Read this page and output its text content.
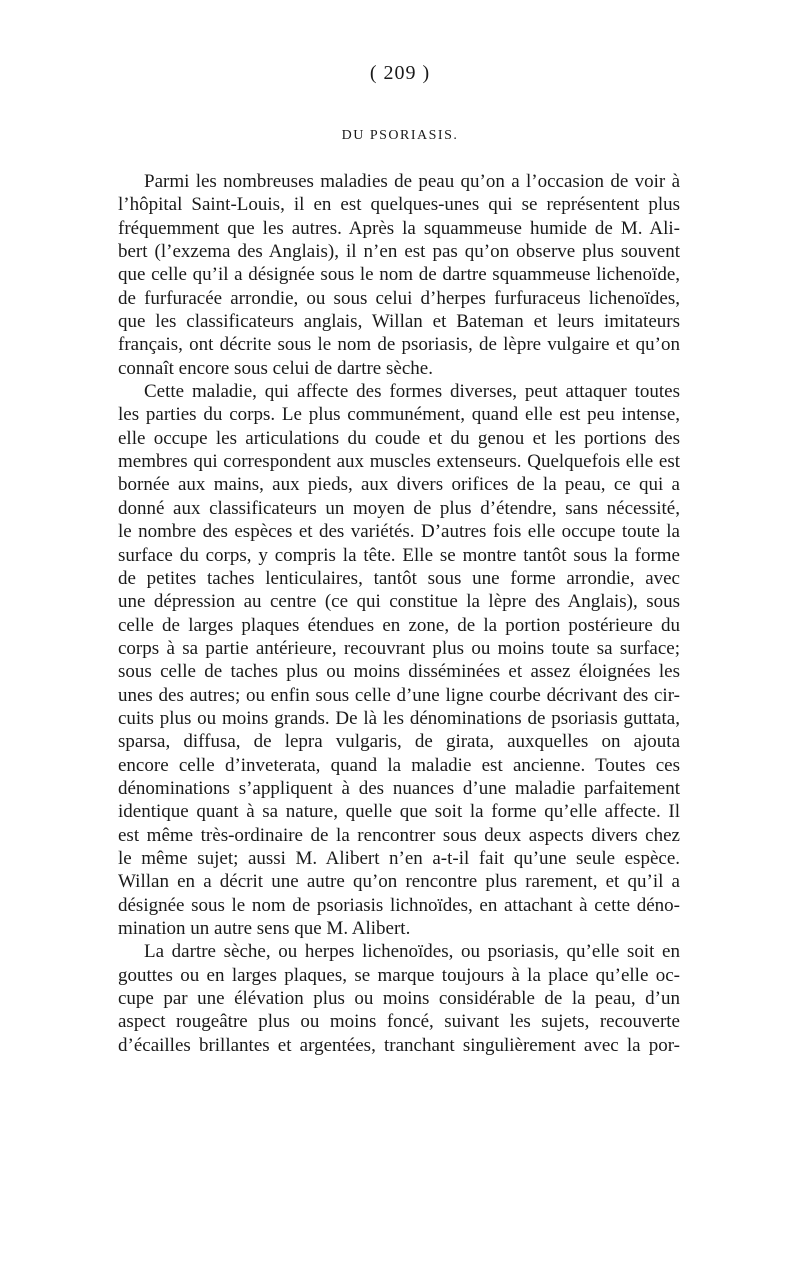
( 209 )
DU PSORIASIS.
Parmi les nombreuses maladies de peau qu’on a l’occasion de voir à
l’hôpital Saint-Louis, il en est quelques-unes qui se représentent plus
fréquemment que les autres. Après la squammeuse humide de M. Ali-
bert (l’exzema des Anglais), il n’en est pas qu’on observe plus souvent
que celle qu’il a désignée sous le nom de dartre squammeuse lichenoïde,
de furfuracée arrondie, ou sous celui d’herpes furfuraceus lichenoïdes,
que les classificateurs anglais, Willan et Bateman et leurs imitateurs
français, ont décrite sous le nom de psoriasis, de lèpre vulgaire et qu’on
connaît encore sous celui de dartre sèche.
Cette maladie, qui affecte des formes diverses, peut attaquer toutes
les parties du corps. Le plus communément, quand elle est peu intense,
elle occupe les articulations du coude et du genou et les portions des
membres qui correspondent aux muscles extenseurs. Quelquefois elle est
bornée aux mains, aux pieds, aux divers orifices de la peau, ce qui a
donné aux classificateurs un moyen de plus d’étendre, sans nécessité,
le nombre des espèces et des variétés. D’autres fois elle occupe toute la
surface du corps, y compris la tête. Elle se montre tantôt sous la forme
de petites taches lenticulaires, tantôt sous une forme arrondie, avec
une dépression au centre (ce qui constitue la lèpre des Anglais), sous
celle de larges plaques étendues en zone, de la portion postérieure du
corps à sa partie antérieure, recouvrant plus ou moins toute sa surface;
sous celle de taches plus ou moins disséminées et assez éloignées les
unes des autres; ou enfin sous celle d’une ligne courbe décrivant des cir-
cuits plus ou moins grands. De là les dénominations de psoriasis guttata,
sparsa, diffusa, de lepra vulgaris, de girata, auxquelles on ajouta
encore celle d’inveterata, quand la maladie est ancienne. Toutes ces
dénominations s’appliquent à des nuances d’une maladie parfaitement
identique quant à sa nature, quelle que soit la forme qu’elle affecte. Il
est même très-ordinaire de la rencontrer sous deux aspects divers chez
le même sujet; aussi M. Alibert n’en a-t-il fait qu’une seule espèce.
Willan en a décrit une autre qu’on rencontre plus rarement, et qu’il a
désignée sous le nom de psoriasis lichnoïdes, en attachant à cette déno-
mination un autre sens que M. Alibert.
La dartre sèche, ou herpes lichenoïdes, ou psoriasis, qu’elle soit en
gouttes ou en larges plaques, se marque toujours à la place qu’elle oc-
cupe par une élévation plus ou moins considérable de la peau, d’un
aspect rougeâtre plus ou moins foncé, suivant les sujets, recouverte
d’écailles brillantes et argentées, tranchant singulièrement avec la por-
